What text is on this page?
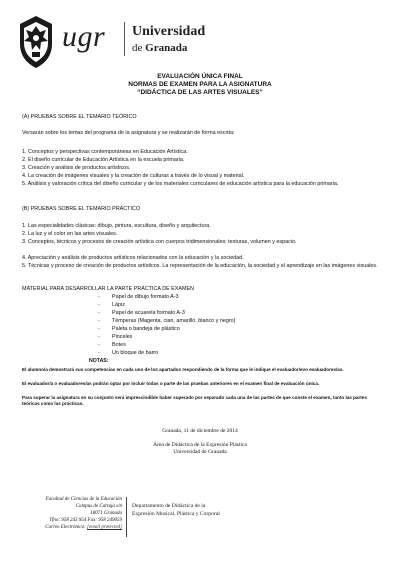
ugr Universidad
de Granada
EVALUACIÓN ÚNICA FINAL
NORMAS DE EXAMEN PARA LA ASIGNATURA
“DIDÁCTICA DE LAS ARTES VISUALES”
(A) PRUEBAS SOBRE EL TEMARIO TEÓRICO
Versarán sobre los temas del programa de la asignatura y se realizarán de forma escrita:
1. Conceptos y perspectivas contemporáneas en Educación Artística.
2. El diseño curricular de Educación Artística en la escuela primaria.
3. Creación y análisis de productos artísticos.
4. La creación de imágenes visuales y la creación de culturas a través de lo visual y material.
5. Análisis y valoración crítica del diseño curricular y de los materiales curriculares de educación artística para la educación primaria.
(B) PRUEBAS SOBRE EL TEMARIO PRÁCTICO
1. Las especialidades clásicas: dibujo, pintura, escultura, diseño y arquitectura.
2. La luz y el color en las artes visuales.
3. Conceptos, técnicos y procesos de creación artística con cuerpos tridimensionales: texturas, volumen y espacio.
4. Apreciación y análisis de productos artísticos relacionados con la educación y la sociedad.
5. Técnicas y proceso de creación de productos artísticos. La representación de la educación, la sociedad y el aprendizaje en las imágenes visuales.
MATERIAL PARA DESARROLLAR LA PARTE PRÁCTICA DE EXAMEN
- Papel de dibujo formato A-3
- Lápiz
- Papel de acuarela formato A-3
- Témperas (Magenta, cian, amarillo, blanco y negro)
- Paleta o bandeja de plástico
- Pinceles
- Botes
NOTAS:
El alumno/a demostrará sus competencias en cada uno de los apartados respondiendo de la forma que le indique el evaluador/evo evaluadores/as.
El evaluador/a o evaluadores/as podrán optar por incluir todas o parte de las pruebas anteriores en el examen final de evaluación única.
Para superar la asignatura en su conjunto será imprescindible haber superado por separado cada una de las partes de que conste el examen, tanto las partes teóricas como las prácticas.
Granada, 11 de diciembre de 2014
Área de Didáctica de la Expresión Plástica
Universidad de Granada
Facultad de Ciencias de la Educación
Campus de Cartuja s/n
18071 Granada
Tfno: 958 243 954 Fax: 958 249059
Correo Electrónico: [email protected]
Departamento de Didáctica de la
Expresión Musical, Plástica y Corporal
- Un bloque de barro
